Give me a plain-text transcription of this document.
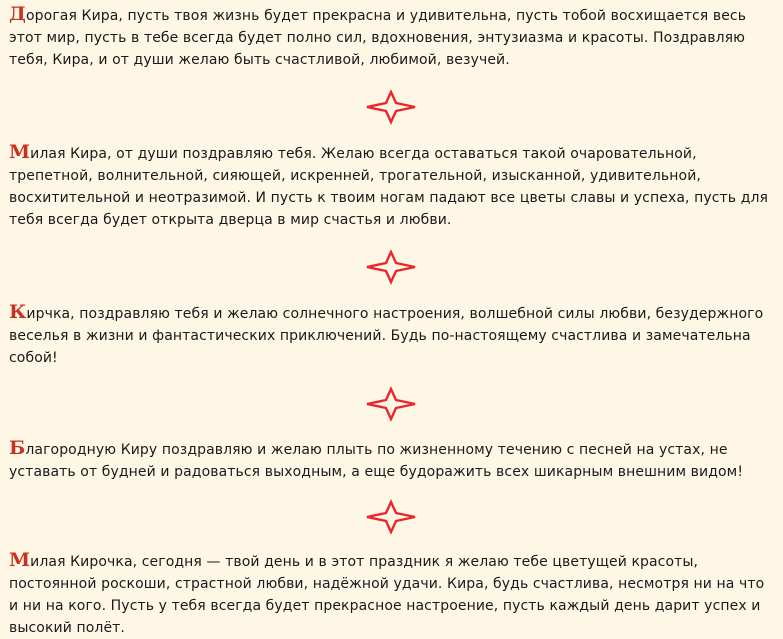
Дорогая Кира, пусть твоя жизнь будет прекрасна и удивительна, пусть тобой восхищается весь этот мир, пусть в тебе всегда будет полно сил, вдохновения, энтузиазма и красоты. Поздравляю тебя, Кира, и от души желаю быть счастливой, любимой, везучей.

Милая Кира, от души поздравляю тебя. Желаю всегда оставаться такой очаровательной, трепетной, волнительной, сияющей, искренней, трогательной, изысканной, удивительной, восхитительной и неотразимой. И пусть к твоим ногам падают все цветы славы и успеха, пусть для тебя всегда будет открыта дверца в мир счастья и любви.

Кирчка, поздравляю тебя и желаю солнечного настроения, волшебной силы любви, безудержного веселья в жизни и фантастических приключений. Будь по-настоящему счастлива и замечательна собой!

Благородную Киру поздравляю и желаю плыть по жизненному течению с песней на устах, не уставать от будней и радоваться выходным, а еще будоражить всех шикарным внешним видом!

Милая Кирочка, сегодня — твой день и в этот праздник я желаю тебе цветущей красоты, постоянной роскоши, страстной любви, надёжной удачи. Кира, будь счастлива, несмотря ни на что и ни на кого. Пусть у тебя всегда будет прекрасное настроение, пусть каждый день дарит успех и высокий полёт.
